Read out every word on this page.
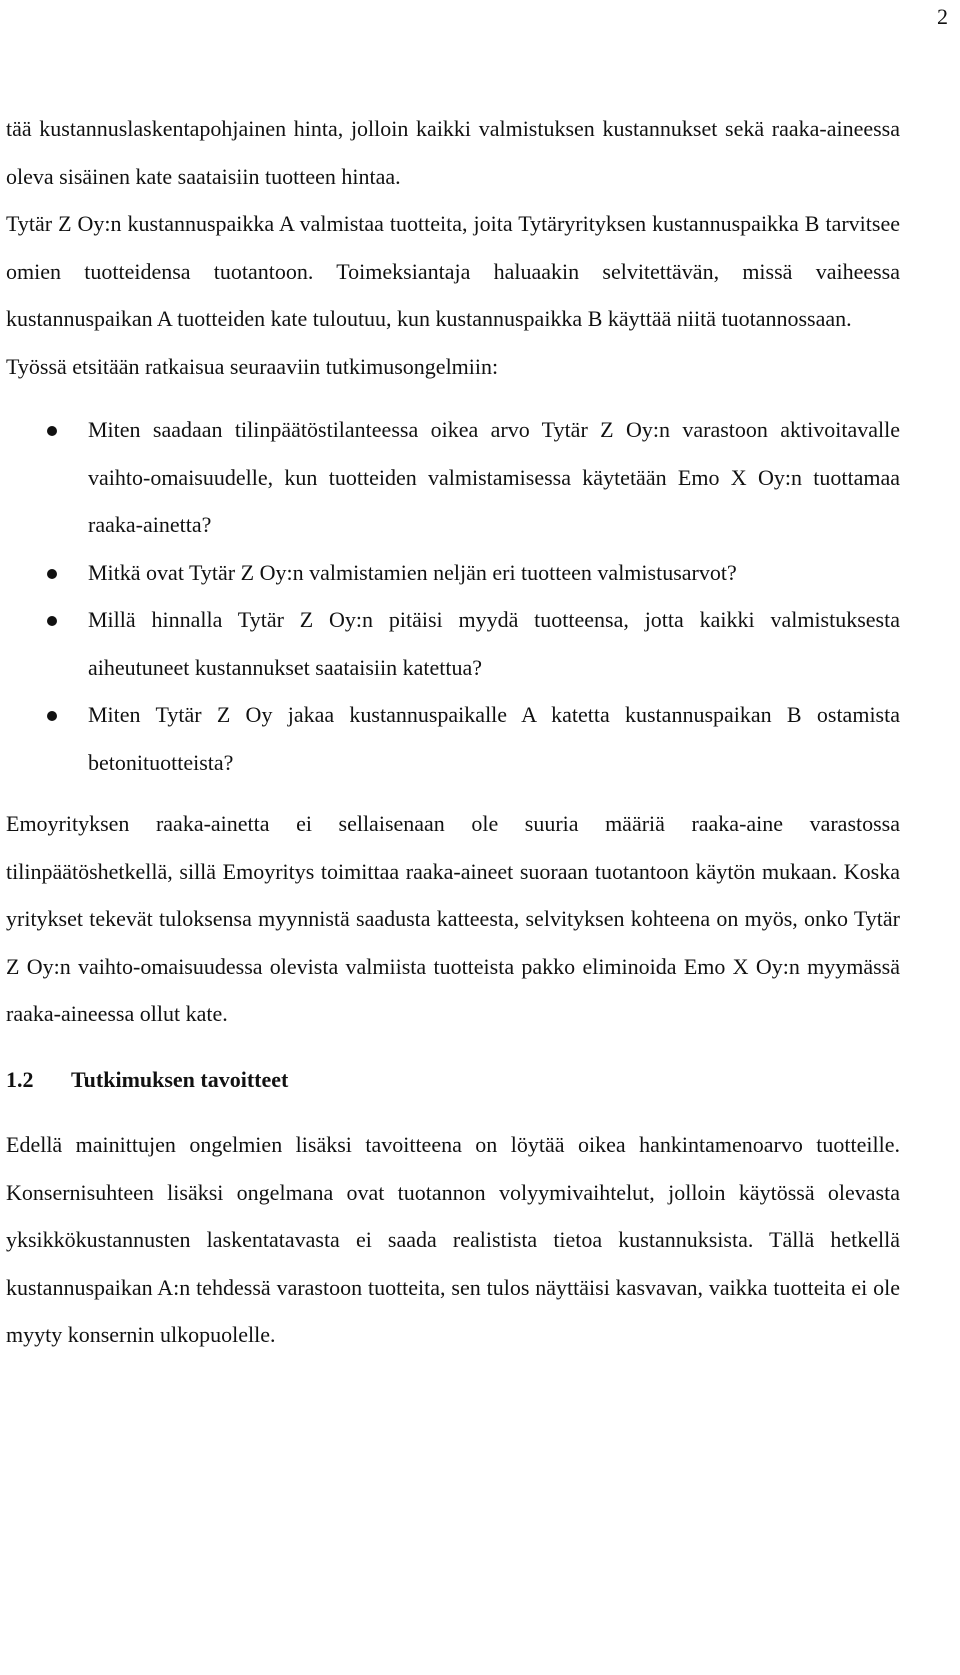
2

tää kustannuslaskentapohjainen hinta, jolloin kaikki valmistuksen kustannukset sekä raaka-aineessa oleva sisäinen kate saataisiin tuotteen hintaa.

Tytär Z Oy:n kustannuspaikka A valmistaa tuotteita, joita Tytäryrityksen kustannuspaikka B tarvitsee omien tuotteidensa tuotantoon. Toimeksiantaja haluaakin selvitettävän, missä vaiheessa kustannuspaikan A tuotteiden kate tuloutuu, kun kustannuspaikka B käyttää niitä tuotannossaan.

Työssä etsitään ratkaisua seuraaviin tutkimusongelmiin:

Miten saadaan tilinpäätöstilanteessa oikea arvo Tytär Z Oy:n varastoon aktivoitavalle vaihto-omaisuudelle, kun tuotteiden valmistamisessa käytetään Emo X Oy:n tuottamaa raaka-ainetta?
Mitkä ovat Tytär Z Oy:n valmistamien neljän eri tuotteen valmistusarvot?
Millä hinnalla Tytär Z Oy:n pitäisi myydä tuotteensa, jotta kaikki valmistuksesta aiheutuneet kustannukset saataisiin katettua?
Miten Tytär Z Oy jakaa kustannuspaikalle A katetta kustannuspaikan B ostamista betonituotteista?

Emoyrityksen raaka-ainetta ei sellaisenaan ole suuria määriä raaka-aine varastossa tilinpäätöshetkellä, sillä Emoyritys toimittaa raaka-aineet suoraan tuotantoon käytön mukaan. Koska yritykset tekevät tuloksensa myynnistä saadusta katteesta, selvityksen kohteena on myös, onko Tytär Z Oy:n vaihto-omaisuudessa olevista valmiista tuotteista pakko eliminoida Emo X Oy:n myymässä raaka-aineessa ollut kate.

1.2 Tutkimuksen tavoitteet

Edellä mainittujen ongelmien lisäksi tavoitteena on löytää oikea hankintamenoarvo tuotteille. Konsernisuhteen lisäksi ongelmana ovat tuotannon volyymivaihtelut, jolloin käytössä olevasta yksikkökustannusten laskentatavasta ei saada realistista tietoa kustannuksista. Tällä hetkellä kustannuspaikan A:n tehdessä varastoon tuotteita, sen tulos näyttäisi kasvavan, vaikka tuotteita ei ole myyty konsernin ulkopuolelle.
